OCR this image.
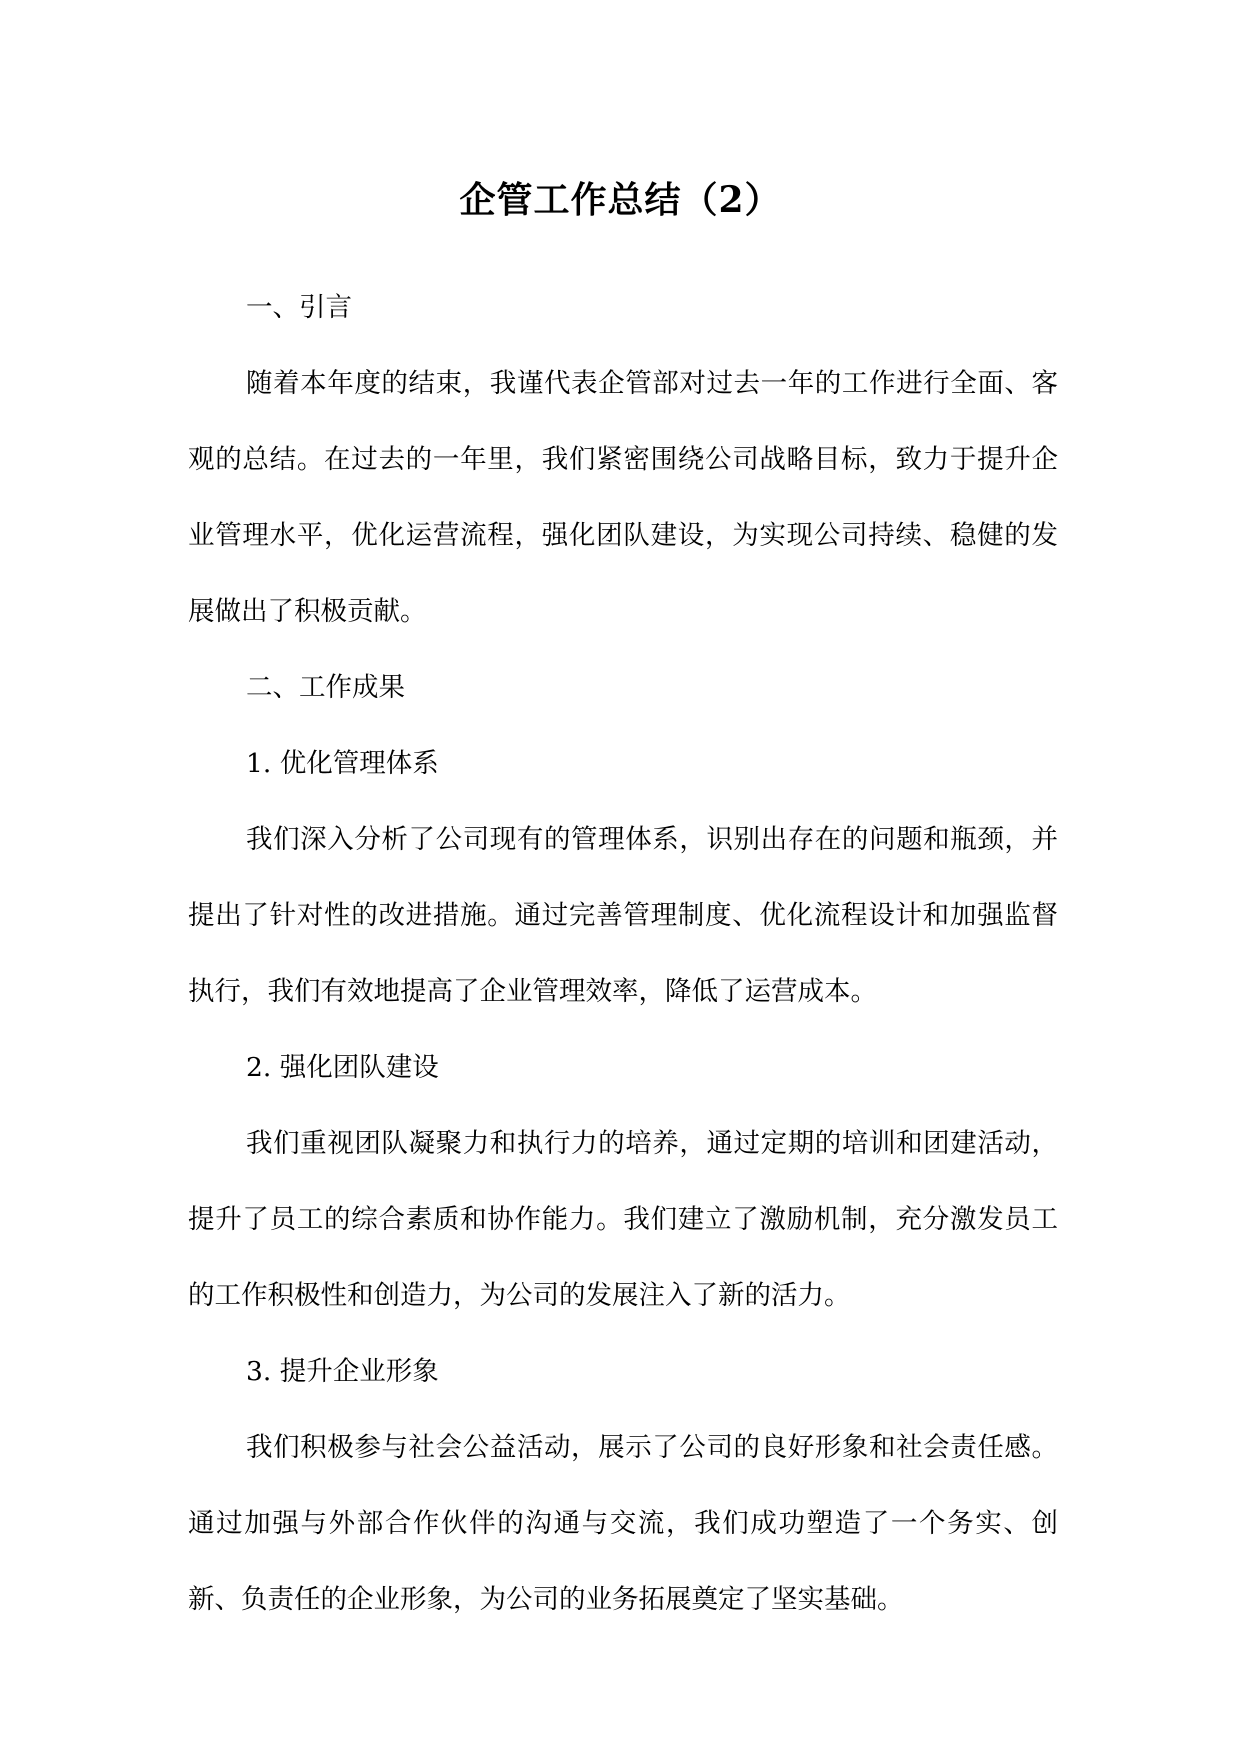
企管工作总结（2）

一、引言

随着本年度的结束，我谨代表企管部对过去一年的工作进行全面、客观的总结。在过去的一年里，我们紧密围绕公司战略目标，致力于提升企业管理水平，优化运营流程，强化团队建设，为实现公司持续、稳健的发展做出了积极贡献。

二、工作成果

1. 优化管理体系

我们深入分析了公司现有的管理体系，识别出存在的问题和瓶颈，并提出了针对性的改进措施。通过完善管理制度、优化流程设计和加强监督执行，我们有效地提高了企业管理效率，降低了运营成本。

2. 强化团队建设

我们重视团队凝聚力和执行力的培养，通过定期的培训和团建活动，提升了员工的综合素质和协作能力。我们建立了激励机制，充分激发员工的工作积极性和创造力，为公司的发展注入了新的活力。

3. 提升企业形象

我们积极参与社会公益活动，展示了公司的良好形象和社会责任感。通过加强与外部合作伙伴的沟通与交流，我们成功塑造了一个务实、创新、负责任的企业形象，为公司的业务拓展奠定了坚实基础。
